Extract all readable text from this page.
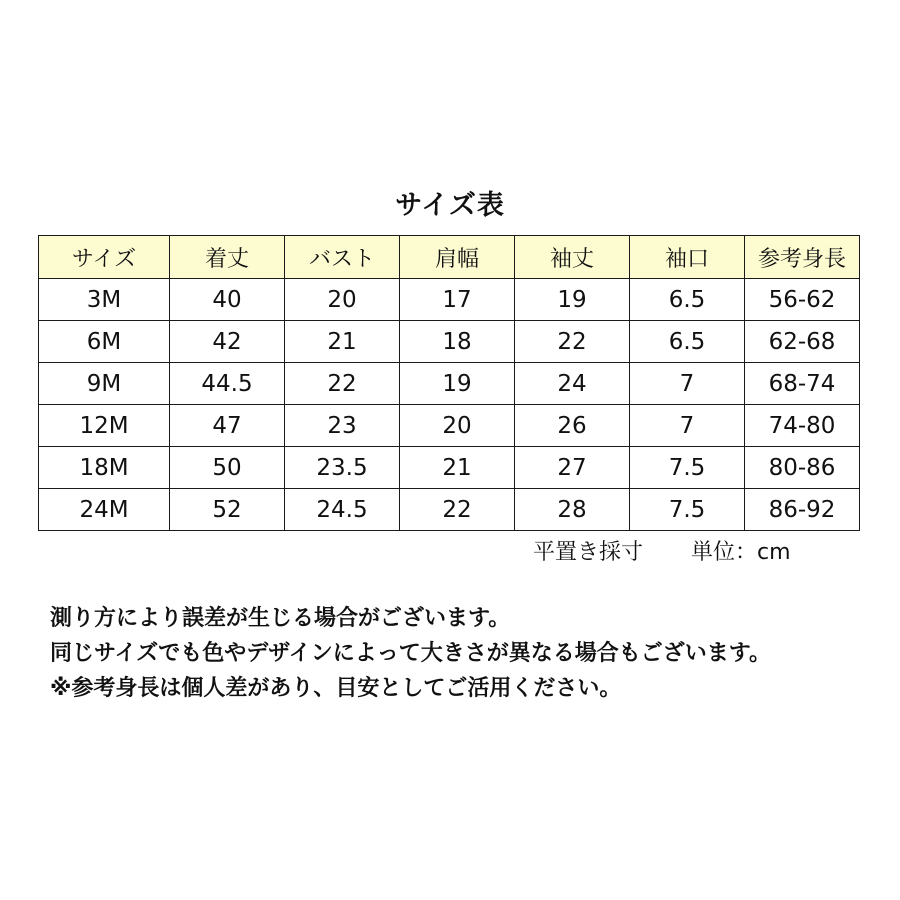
サイズ表
サイズ	着丈	バスト	肩幅	袖丈	袖口	参考身長
3M	40	20	17	19	6.5	56-62
6M	42	21	18	22	6.5	62-68
9M	44.5	22	19	24	7	68-74
12M	47	23	20	26	7	74-80
18M	50	23.5	21	27	7.5	80-86
24M	52	24.5	22	28	7.5	86-92
平置き採寸 単位：cm
測り方により誤差が生じる場合がございます。
同じサイズでも色やデザインによって大きさが異なる場合もございます。
※参考身長は個人差があり、目安としてご活用ください。
